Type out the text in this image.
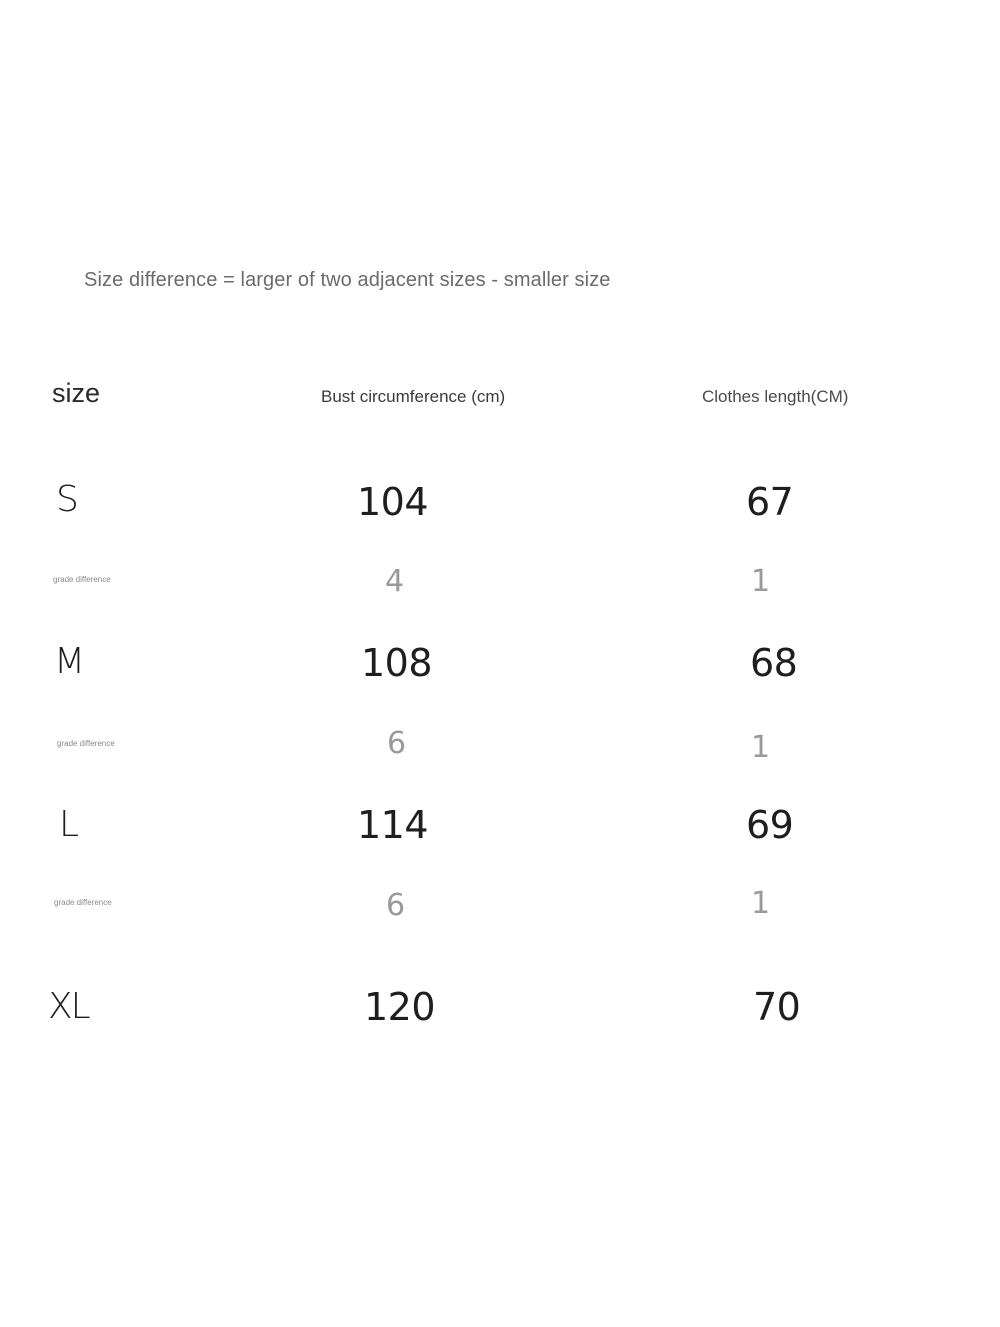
Size difference = larger of two adjacent sizes - smaller size
size	Bust circumference (cm)	Clothes length(CM)
S	104	67
grade difference	4	1
M	108	68
grade difference	6	1
L	114	69
grade difference	6	1
XL	120	70
